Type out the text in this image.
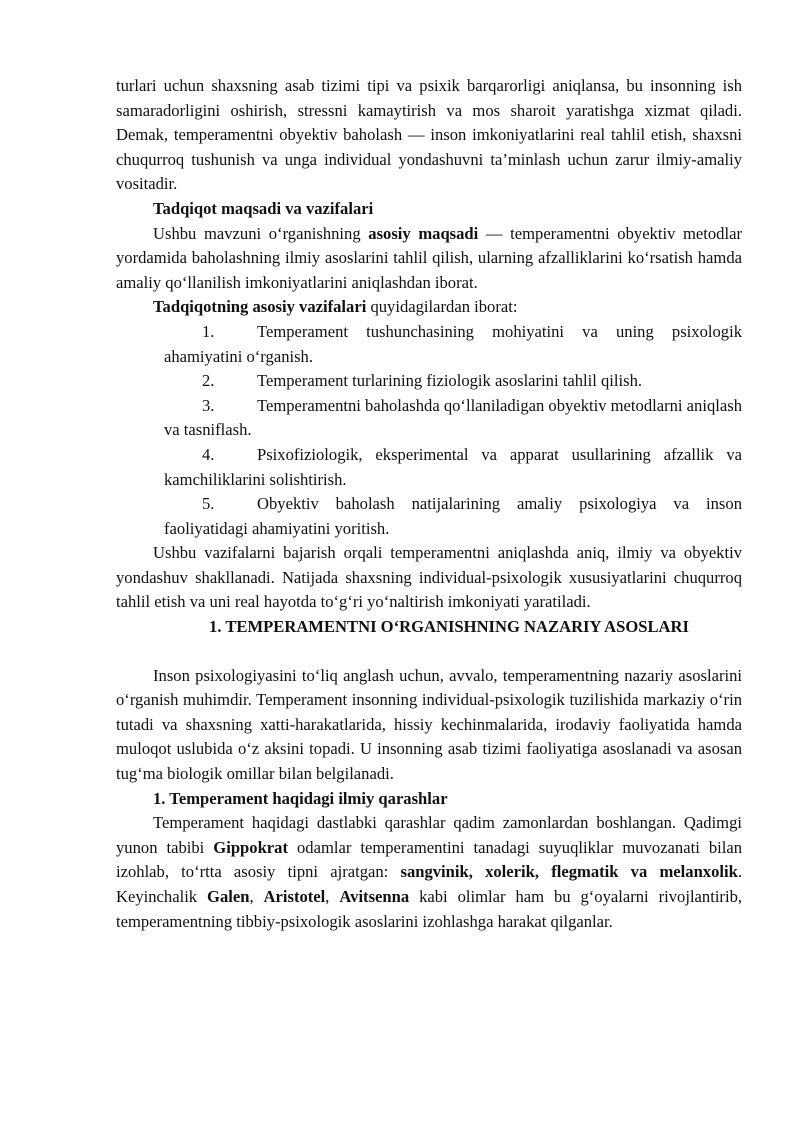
turlari uchun shaxsning asab tizimi tipi va psixik barqarorligi aniqlansa, bu insonning ish samaradorligini oshirish, stressni kamaytirish va mos sharoit yaratishga xizmat qiladi. Demak, temperamentni obyektiv baholash — inson imkoniyatlarini real tahlil etish, shaxsni chuqurroq tushunish va unga individual yondashuvni ta’minlash uchun zarur ilmiy-amaliy vositadir.

Tadqiqot maqsadi va vazifalari

Ushbu mavzuni o‘rganishning asosiy maqsadi — temperamentni obyektiv metodlar yordamida baholashning ilmiy asoslarini tahlil qilish, ularning afzalliklarini ko‘rsatish hamda amaliy qo‘llanilish imkoniyatlarini aniqlashdan iborat.

Tadqiqotning asosiy vazifalari quyidagilardan iborat:

1.	Temperament tushunchasining mohiyatini va uning psixologik ahamiyatini o‘rganish.

2.	Temperament turlarining fiziologik asoslarini tahlil qilish.

3.	Temperamentni baholashda qo‘llaniladigan obyektiv metodlarni aniqlash va tasniflash.

4.	Psixofiziologik, eksperimental va apparat usullarining afzallik va kamchiliklarini solishtirish.

5.	Obyektiv baholash natijalarining amaliy psixologiya va inson faoliyatidagi ahamiyatini yoritish.

Ushbu vazifalarni bajarish orqali temperamentni aniqlashda aniq, ilmiy va obyektiv yondashuv shakllanadi. Natijada shaxsning individual-psixologik xususiyatlarini chuqurroq tahlil etish va uni real hayotda to‘g‘ri yo‘naltirish imkoniyati yaratiladi.

1. TEMPERAMENTNI O‘RGANISHNING NAZARIY ASOSLARI

Inson psixologiyasini to‘liq anglash uchun, avvalo, temperamentning nazariy asoslarini o‘rganish muhimdir. Temperament insonning individual-psixologik tuzilishida markaziy o‘rin tutadi va shaxsning xatti-harakatlarida, hissiy kechinmalarida, irodaviy faoliyatida hamda muloqot uslubida o‘z aksini topadi. U insonning asab tizimi faoliyatiga asoslanadi va asosan tug‘ma biologik omillar bilan belgilanadi.

1. Temperament haqidagi ilmiy qarashlar

Temperament haqidagi dastlabki qarashlar qadim zamonlardan boshlangan. Qadimgi yunon tabibi Gippokrat odamlar temperamentini tanadagi suyuqliklar muvozanati bilan izohlab, to‘rtta asosiy tipni ajratgan: sangvinik, xolerik, flegmatik va melanxolik. Keyinchalik Galen, Aristotel, Avitsenna kabi olimlar ham bu g‘oyalarni rivojlantirib, temperamentning tibbiy-psixologik asoslarini izohlashga harakat qilganlar.
